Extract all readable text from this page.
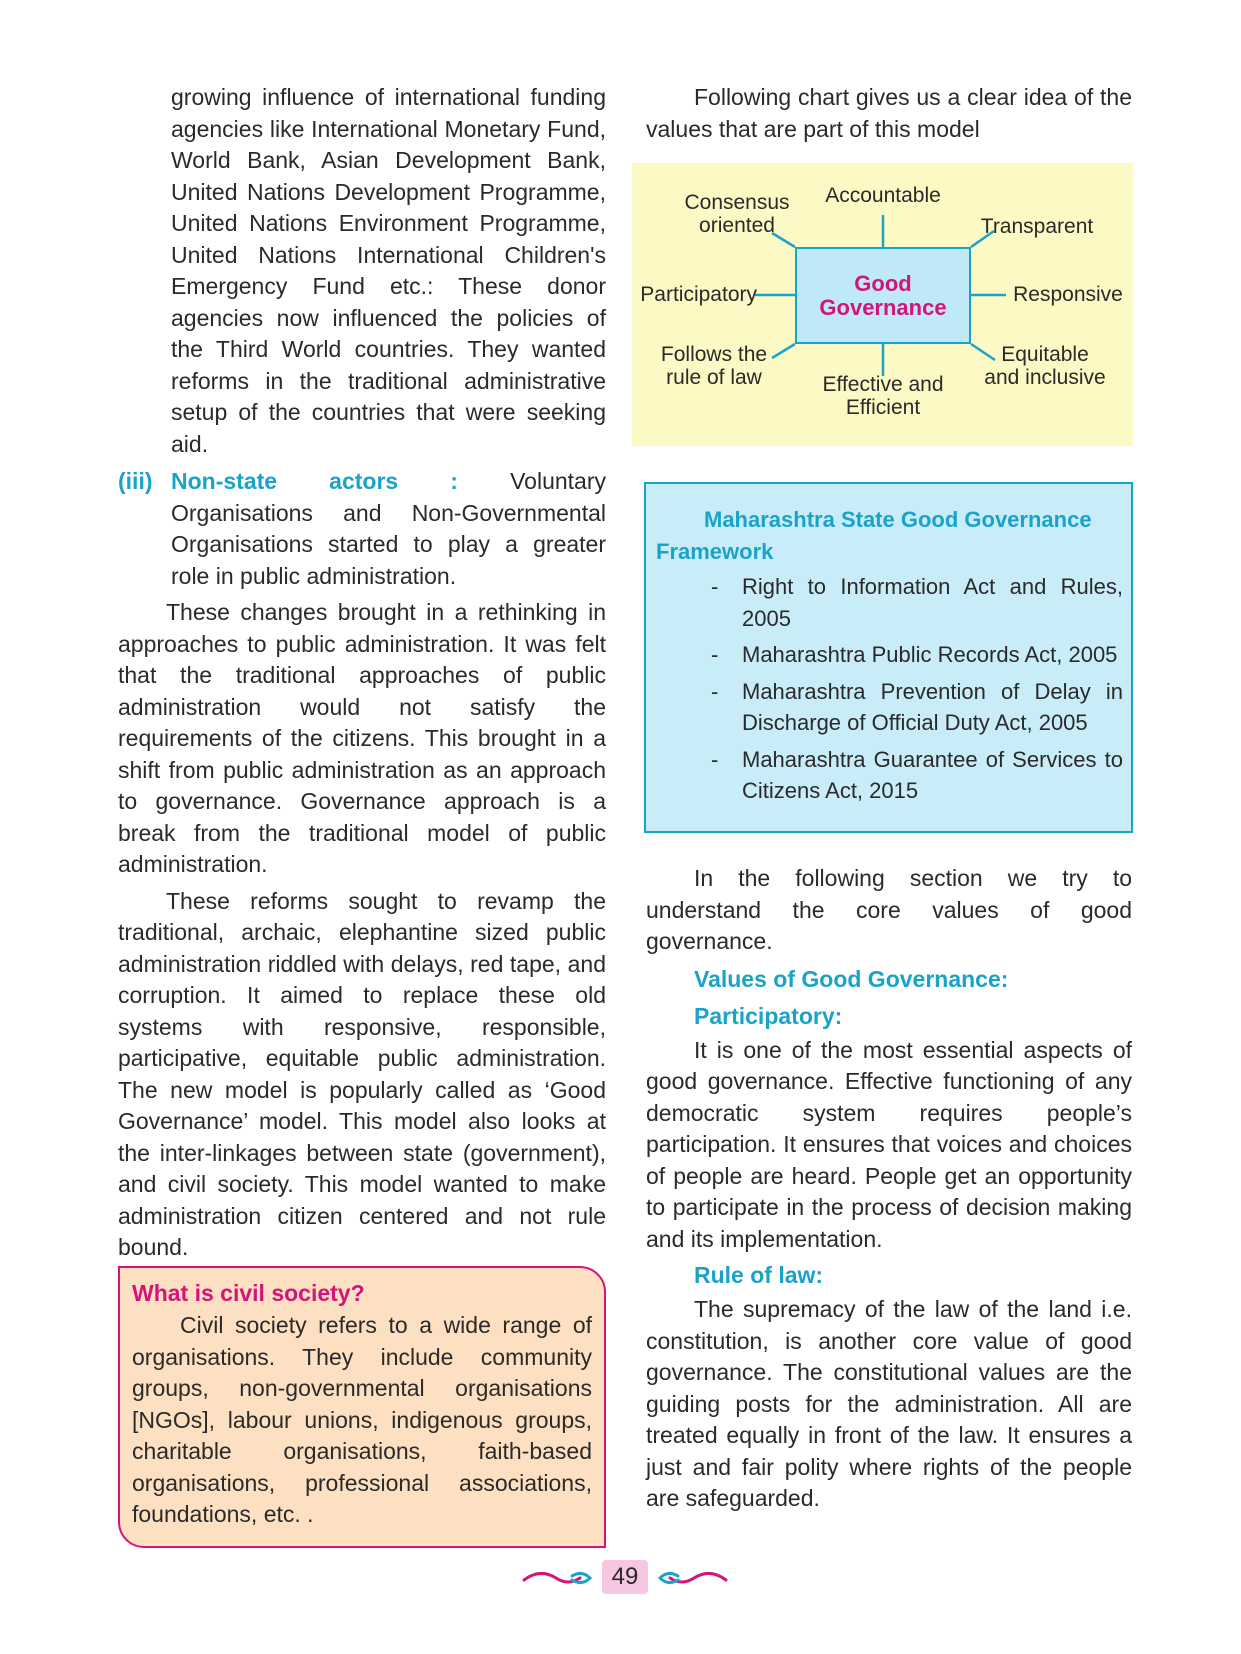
growing influence of international funding agencies like International Monetary Fund, World Bank, Asian Development Bank, United Nations Development Programme, United Nations Environment Programme, United Nations International Children's Emergency Fund etc.: These donor agencies now influenced the policies of the Third World countries. They wanted reforms in the traditional administrative setup of the countries that were seeking aid.

(iii) Non-state actors : Voluntary Organisations and Non-Governmental Organisations started to play a greater role in public administration.

These changes brought in a rethinking in approaches to public administration. It was felt that the traditional approaches of public administration would not satisfy the requirements of the citizens. This brought in a shift from public administration as an approach to governance. Governance approach is a break from the traditional model of public administration.

These reforms sought to revamp the traditional, archaic, elephantine sized public administration riddled with delays, red tape, and corruption. It aimed to replace these old systems with responsive, responsible, participative, equitable public administration. The new model is popularly called as ‘Good Governance’ model. This model also looks at the inter-linkages between state (government), and civil society. This model wanted to make administration citizen centered and not rule bound.

What is civil society?

Civil society refers to a wide range of organisations. They include community groups, non-governmental organisations [NGOs], labour unions, indigenous groups, charitable organisations, faith-based organisations, professional associations, foundations, etc. .

Following chart gives us a clear idea of the values that are part of this model

Good
Governance
Consensus
oriented
Accountable
Transparent
Participatory	Responsive
Follows the
rule of law	Effective and
Efficient
Equitable
and inclusive
Maharashtra State Good Governance Framework
- Right to Information Act and Rules, 2005
- Maharashtra Public Records Act, 2005
- Maharashtra Prevention of Delay in Discharge of Official Duty Act, 2005
- Maharashtra Guarantee of Services to Citizens Act, 2015

In the following section we try to understand the core values of good governance.

Values of Good Governance:
Participatory:

It is one of the most essential aspects of good governance. Effective functioning of any democratic system requires people’s participation. It ensures that voices and choices of people are heard. People get an opportunity to participate in the process of decision making and its implementation.

Rule of law:

The supremacy of the law of the land i.e. constitution, is another core value of good governance. The constitutional values are the guiding posts for the administration. All are treated equally in front of the law. It ensures a just and fair polity where rights of the people are safeguarded.

49
